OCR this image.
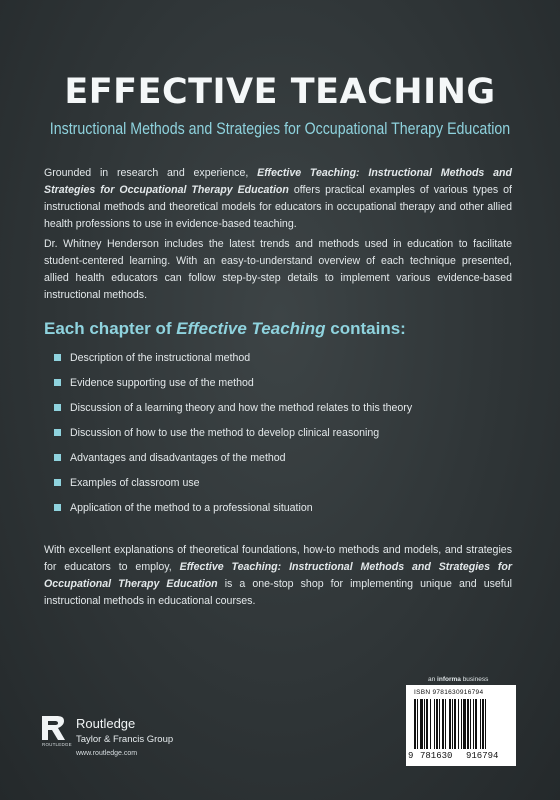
EFFECTIVE TEACHING

Instructional Methods and Strategies for Occupational Therapy Education

Grounded in research and experience, Effective Teaching: Instructional Methods and Strategies for Occupational Therapy Education offers practical examples of various types of instructional methods and theoretical models for educators in occupational therapy and other allied health professions to use in evidence-based teaching.

Dr. Whitney Henderson includes the latest trends and methods used in education to facilitate student-centered learning. With an easy-to-understand overview of each technique presented, allied health educators can follow step-by-step details to implement various evidence-based instructional methods.

Each chapter of Effective Teaching contains:
Description of the instructional method
Evidence supporting use of the method
Discussion of a learning theory and how the method relates to this theory
Discussion of how to use the method to develop clinical reasoning
Advantages and disadvantages of the method
Examples of classroom use
Application of the method to a professional situation

With excellent explanations of theoretical foundations, how-to methods and models, and strategies for educators to employ, Effective Teaching: Instructional Methods and Strategies for Occupational Therapy Education is a one-stop shop for implementing unique and useful instructional methods in educational courses.

an informa business
ROUTLEDGE
Routledge
Taylor & Francis Group
www.routledge.com
ISBN 9781630916794
9 781630 916794
